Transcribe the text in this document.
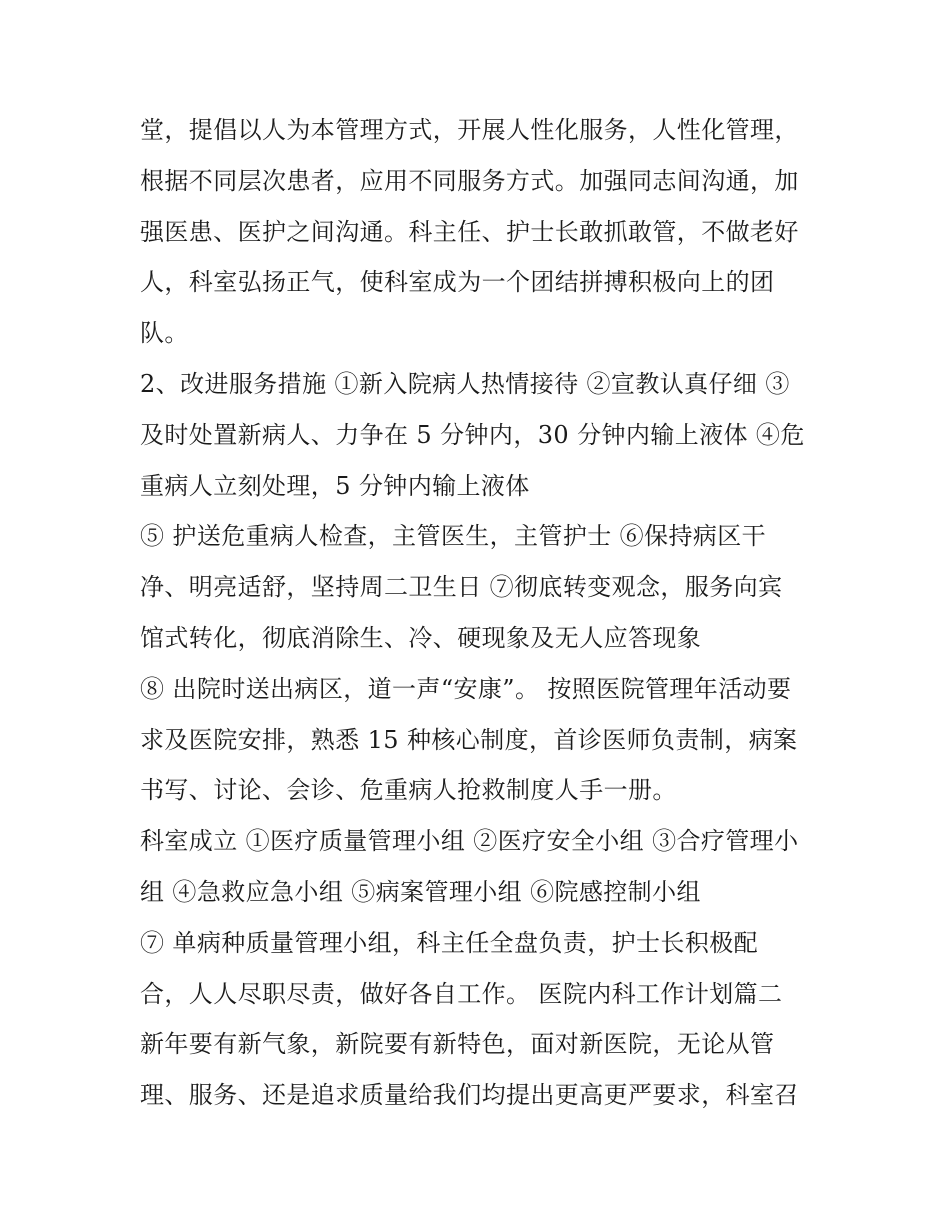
堂，提倡以人为本管理方式，开展人性化服务，人性化管理，
根据不同层次患者，应用不同服务方式。加强同志间沟通，加
强医患、医护之间沟通。科主任、护士长敢抓敢管，不做老好
人，科室弘扬正气，使科室成为一个团结拼搏积极向上的团
队。
2、改进服务措施 ①新入院病人热情接待 ②宣教认真仔细 ③
及时处置新病人、力争在 5 分钟内，30 分钟内输上液体 ④危
重病人立刻处理，5 分钟内输上液体
⑤ 护送危重病人检查，主管医生，主管护士 ⑥保持病区干
净、明亮适舒，坚持周二卫生日 ⑦彻底转变观念，服务向宾
馆式转化，彻底消除生、冷、硬现象及无人应答现象
⑧ 出院时送出病区，道一声“安康”。 按照医院管理年活动要
求及医院安排，熟悉 15 种核心制度，首诊医师负责制，病案
书写、讨论、会诊、危重病人抢救制度人手一册。
科室成立 ①医疗质量管理小组 ②医疗安全小组 ③合疗管理小
组 ④急救应急小组 ⑤病案管理小组 ⑥院感控制小组
⑦ 单病种质量管理小组，科主任全盘负责，护士长积极配
合，人人尽职尽责，做好各自工作。 医院内科工作计划篇二
新年要有新气象，新院要有新特色，面对新医院，无论从管
理、服务、还是追求质量给我们均提出更高更严要求，科室召
